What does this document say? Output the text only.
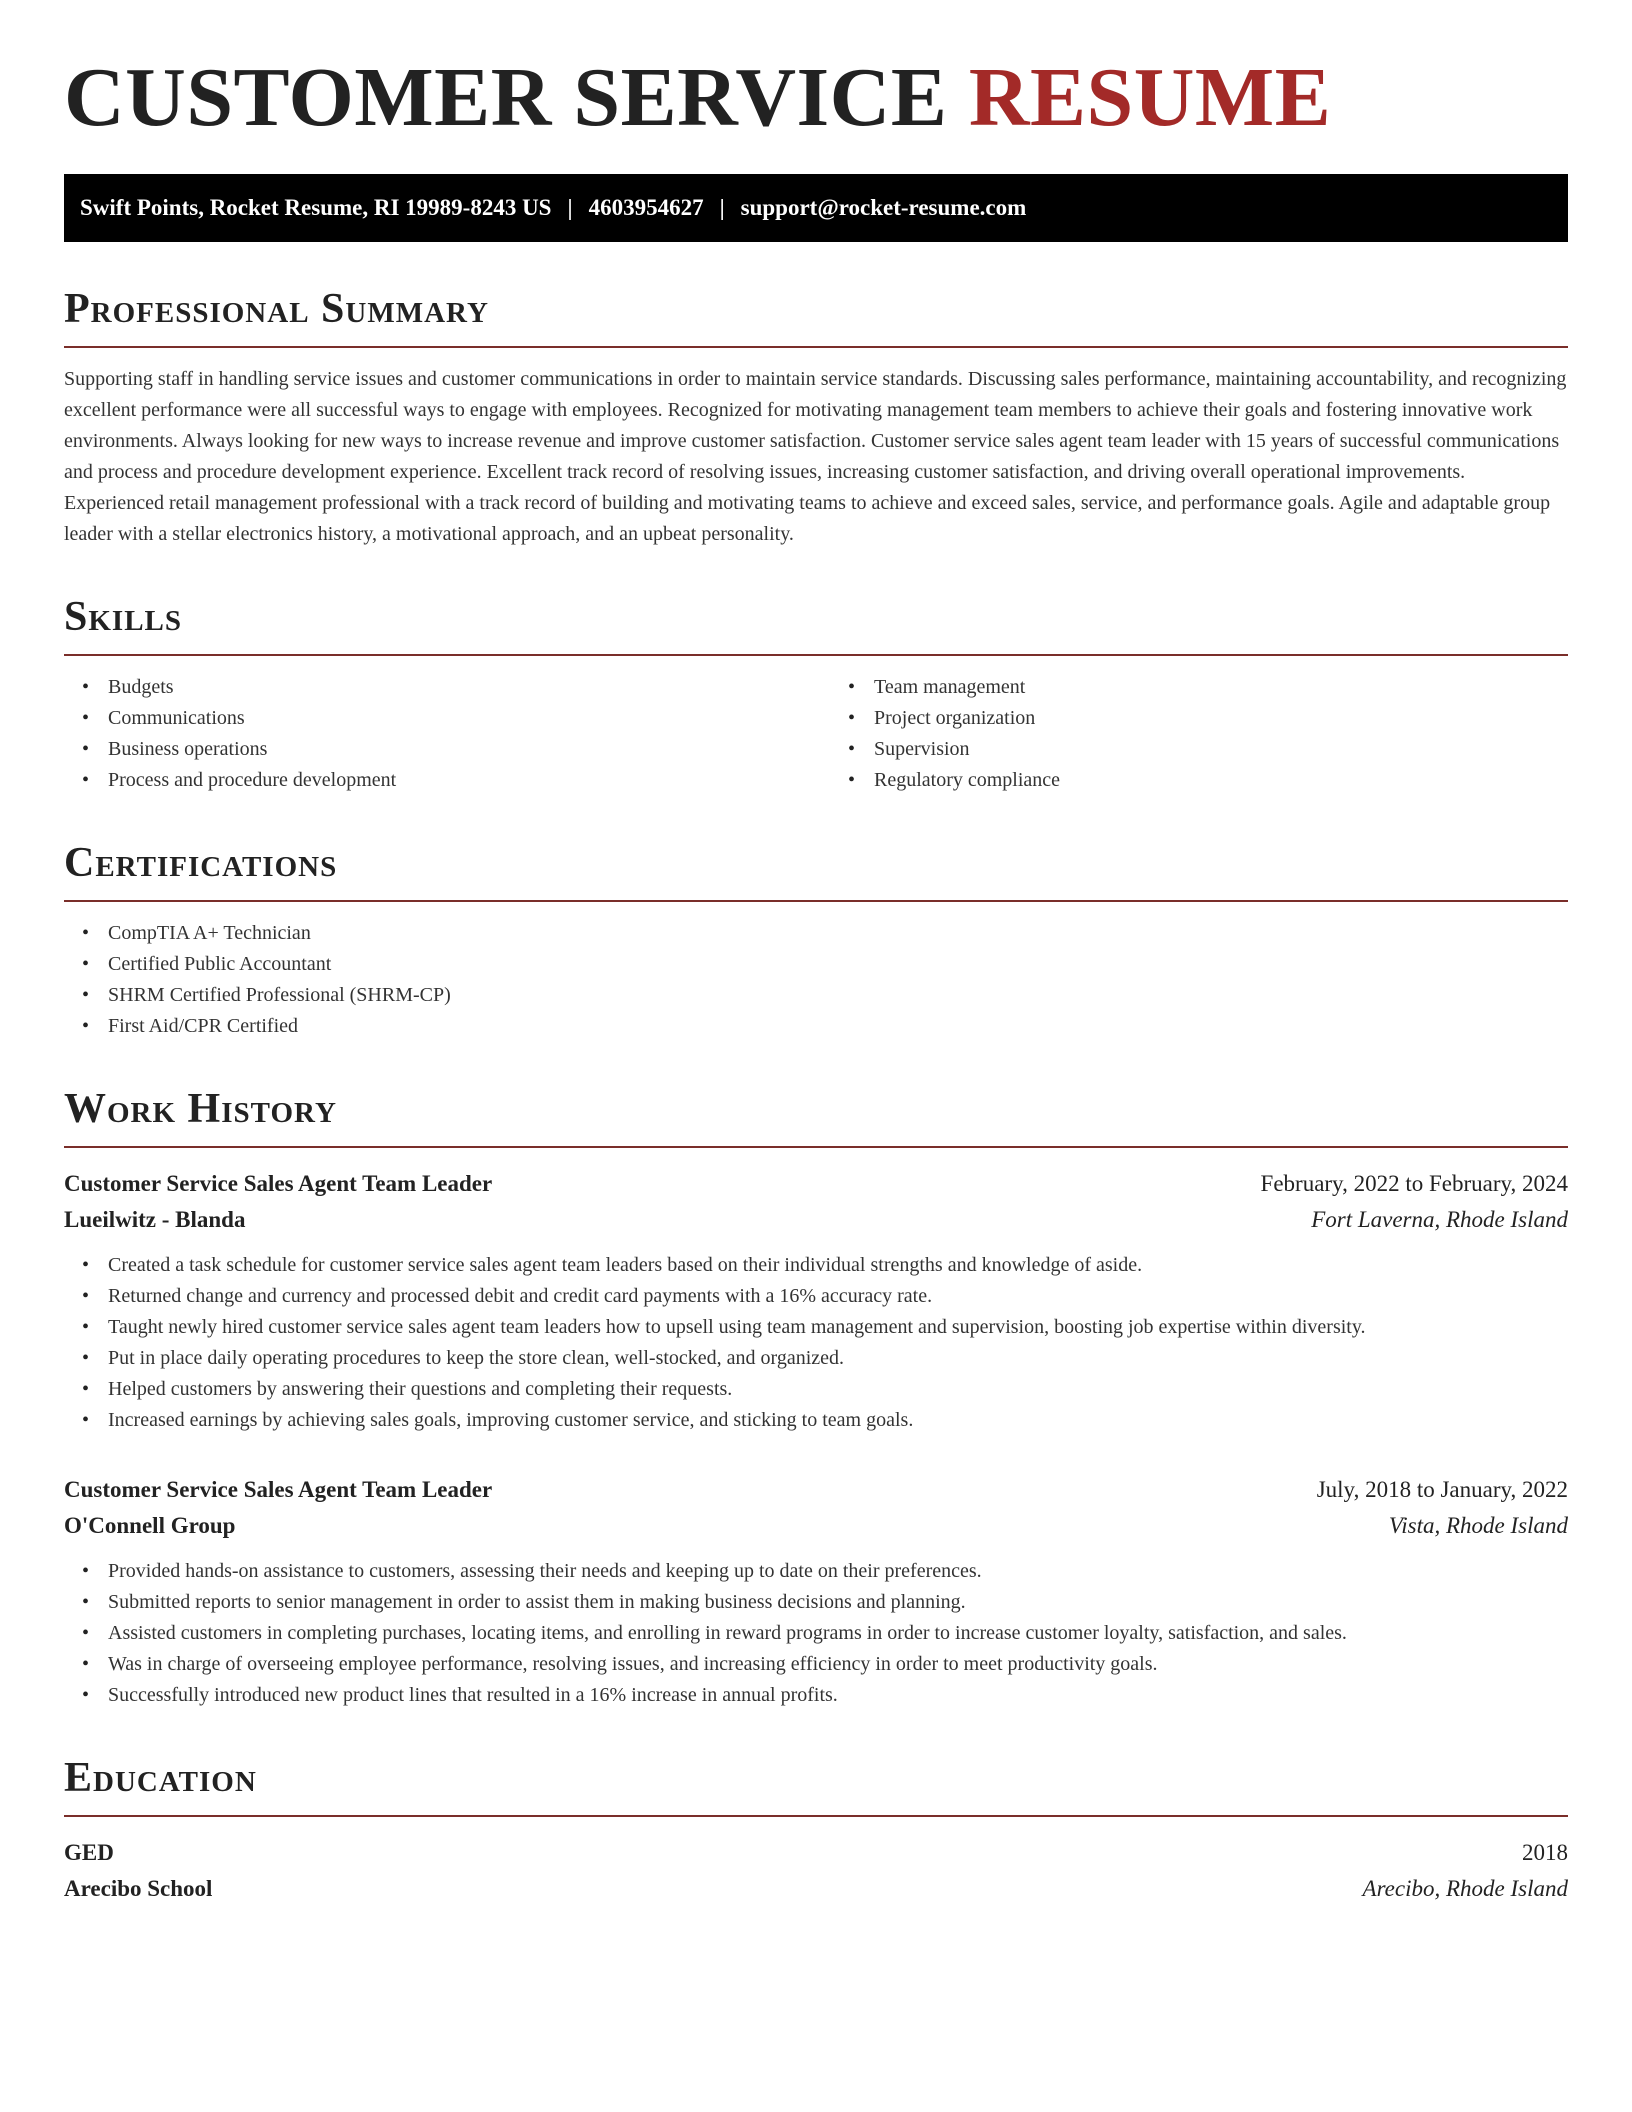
CUSTOMER SERVICE RESUME
Swift Points, Rocket Resume, RI 19989-8243 US | 4603954627 | support@rocket-resume.com
Professional Summary

Supporting staff in handling service issues and customer communications in order to maintain service standards. Discussing sales performance, maintaining accountability, and recognizing excellent performance were all successful ways to engage with employees. Recognized for motivating management team members to achieve their goals and fostering innovative work environments. Always looking for new ways to increase revenue and improve customer satisfaction. Customer service sales agent team leader with 15 years of successful communications and process and procedure development experience. Excellent track record of resolving issues, increasing customer satisfaction, and driving overall operational improvements. Experienced retail management professional with a track record of building and motivating teams to achieve and exceed sales, service, and performance goals. Agile and adaptable group leader with a stellar electronics history, a motivational approach, and an upbeat personality.

Skills
• Budgets
• Communications
• Business operations
• Process and procedure development
• Team management
• Project organization
• Supervision
• Regulatory compliance
Certifications
• CompTIA A+ Technician
• Certified Public Accountant
• SHRM Certified Professional (SHRM-CP)
• First Aid/CPR Certified
Work History
Customer Service Sales Agent Team Leader	February, 2022 to February, 2024
Lueilwitz - Blanda	Fort Laverna, Rhode Island
• Created a task schedule for customer service sales agent team leaders based on their individual strengths and knowledge of aside.
• Returned change and currency and processed debit and credit card payments with a 16% accuracy rate.
• Taught newly hired customer service sales agent team leaders how to upsell using team management and supervision, boosting job expertise within diversity.
• Put in place daily operating procedures to keep the store clean, well-stocked, and organized.
• Helped customers by answering their questions and completing their requests.
• Increased earnings by achieving sales goals, improving customer service, and sticking to team goals.
Customer Service Sales Agent Team Leader	July, 2018 to January, 2022
O'Connell Group	Vista, Rhode Island
• Provided hands-on assistance to customers, assessing their needs and keeping up to date on their preferences.
• Submitted reports to senior management in order to assist them in making business decisions and planning.
• Assisted customers in completing purchases, locating items, and enrolling in reward programs in order to increase customer loyalty, satisfaction, and sales.
• Was in charge of overseeing employee performance, resolving issues, and increasing efficiency in order to meet productivity goals.
• Successfully introduced new product lines that resulted in a 16% increase in annual profits.
Education
GED	2018
Arecibo School	Arecibo, Rhode Island
